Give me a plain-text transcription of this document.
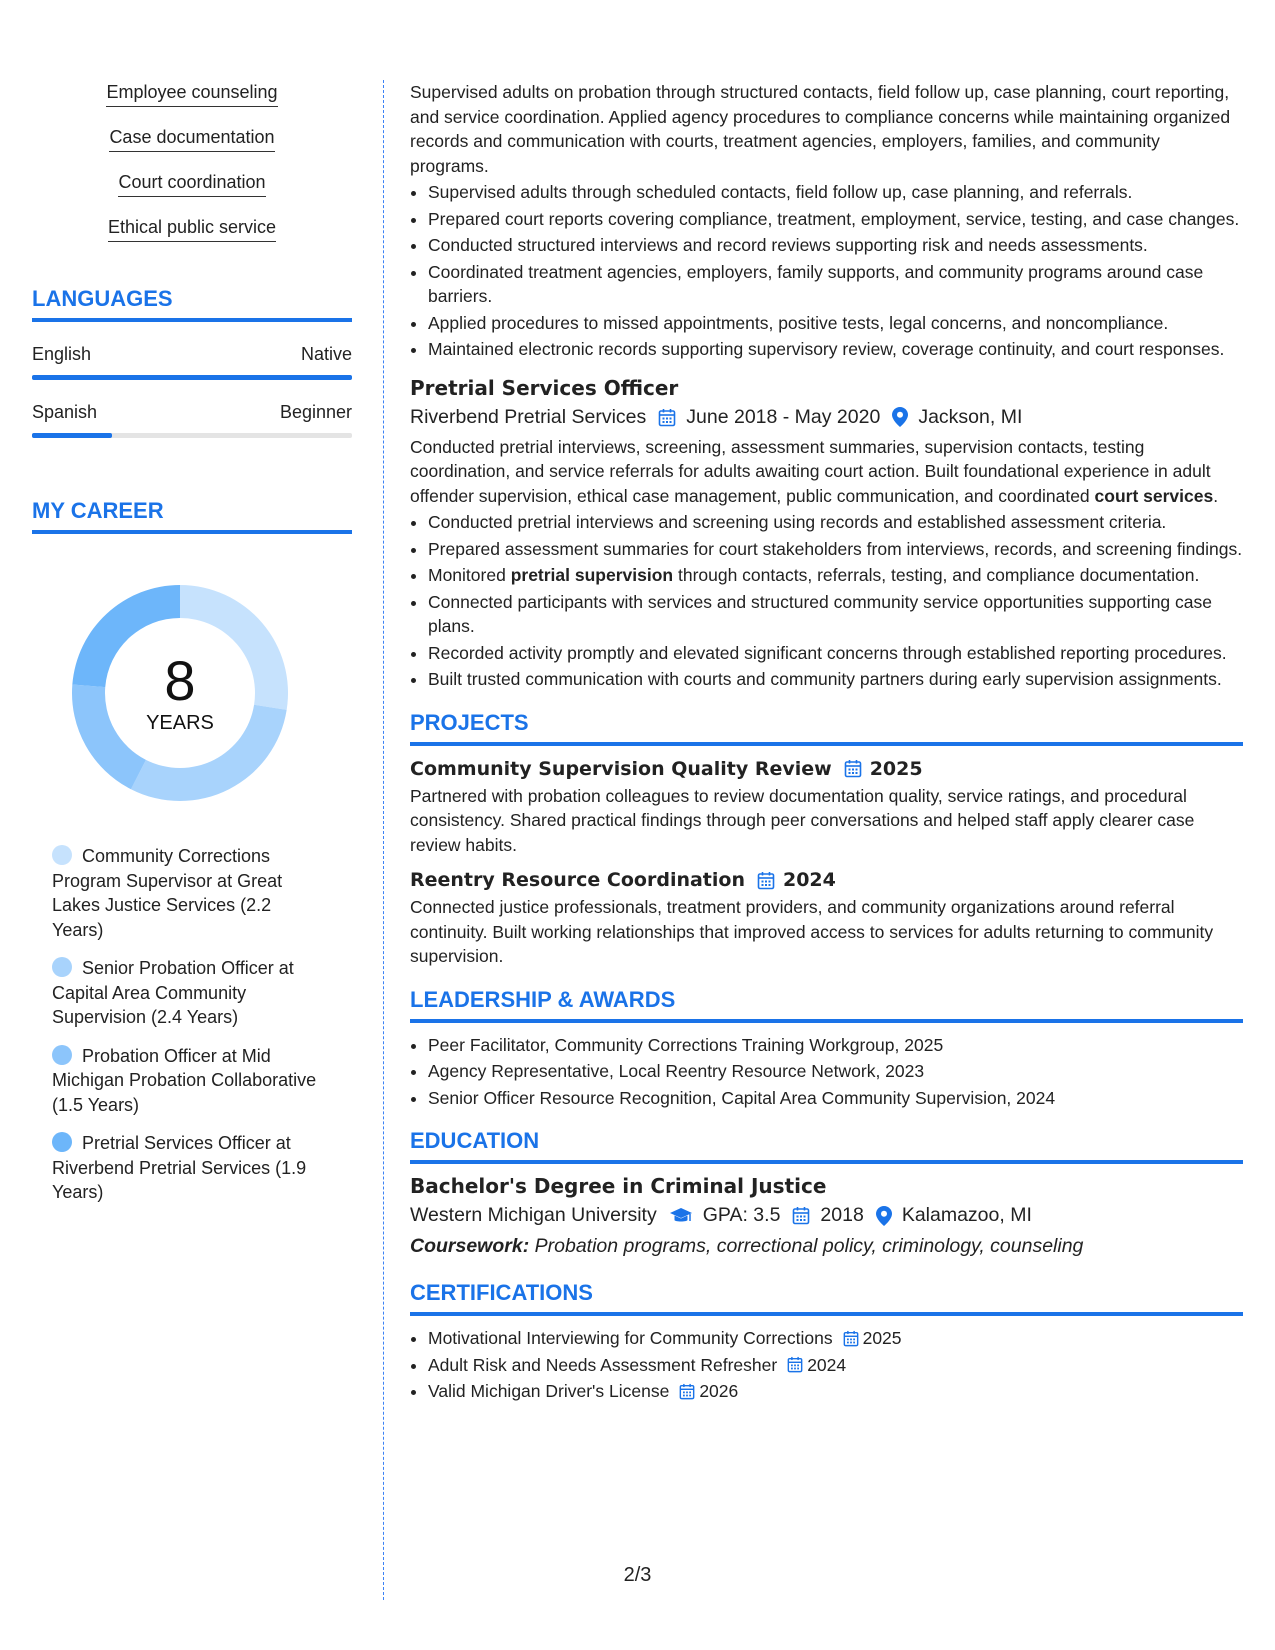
Employee counseling
Case documentation
Court coordination
Ethical public service
LANGUAGES
English	Native
Spanish	Beginner
MY CAREER
8
YEARS
Community Corrections Program Supervisor at Great Lakes Justice Services (2.2 Years)
Senior Probation Officer at Capital Area Community Supervision (2.4 Years)
Probation Officer at Mid Michigan Probation Collaborative (1.5 Years)
Pretrial Services Officer at Riverbend Pretrial Services (1.9 Years)

Supervised adults on probation through structured contacts, field follow up, case planning, court reporting, and service coordination. Applied agency procedures to compliance concerns while maintaining organized records and communication with courts, treatment agencies, employers, families, and community programs.

• Supervised adults through scheduled contacts, field follow up, case planning, and referrals.
• Prepared court reports covering compliance, treatment, employment, service, testing, and case changes.
• Conducted structured interviews and record reviews supporting risk and needs assessments.
• Coordinated treatment agencies, employers, family supports, and community programs around case barriers.
• Applied procedures to missed appointments, positive tests, legal concerns, and noncompliance.
• Maintained electronic records supporting supervisory review, coverage continuity, and court responses.
Pretrial Services Officer
Riverbend Pretrial Services June 2018 - May 2020 Jackson, MI

Conducted pretrial interviews, screening, assessment summaries, supervision contacts, testing coordination, and service referrals for adults awaiting court action. Built foundational experience in adult offender supervision, ethical case management, public communication, and coordinated court services.

• Conducted pretrial interviews and screening using records and established assessment criteria.
• Prepared assessment summaries for court stakeholders from interviews, records, and screening findings.
• Monitored pretrial supervision through contacts, referrals, testing, and compliance documentation.
• Connected participants with services and structured community service opportunities supporting case plans.
• Recorded activity promptly and elevated significant concerns through established reporting procedures.
• Built trusted communication with courts and community partners during early supervision assignments.
PROJECTS
Community Supervision Quality Review 2025

Partnered with probation colleagues to review documentation quality, service ratings, and procedural consistency. Shared practical findings through peer conversations and helped staff apply clearer case review habits.

Reentry Resource Coordination 2024

Connected justice professionals, treatment providers, and community organizations around referral continuity. Built working relationships that improved access to services for adults returning to community supervision.

LEADERSHIP & AWARDS
• Peer Facilitator, Community Corrections Training Workgroup, 2025
• Agency Representative, Local Reentry Resource Network, 2023
• Senior Officer Resource Recognition, Capital Area Community Supervision, 2024
EDUCATION
Bachelor's Degree in Criminal Justice
Western Michigan University GPA: 3.5 2018 Kalamazoo, MI
Coursework: Probation programs, correctional policy, criminology, counseling
CERTIFICATIONS
• Motivational Interviewing for Community Corrections 2025
• Adult Risk and Needs Assessment Refresher 2024
• Valid Michigan Driver's License 2026
2/3
